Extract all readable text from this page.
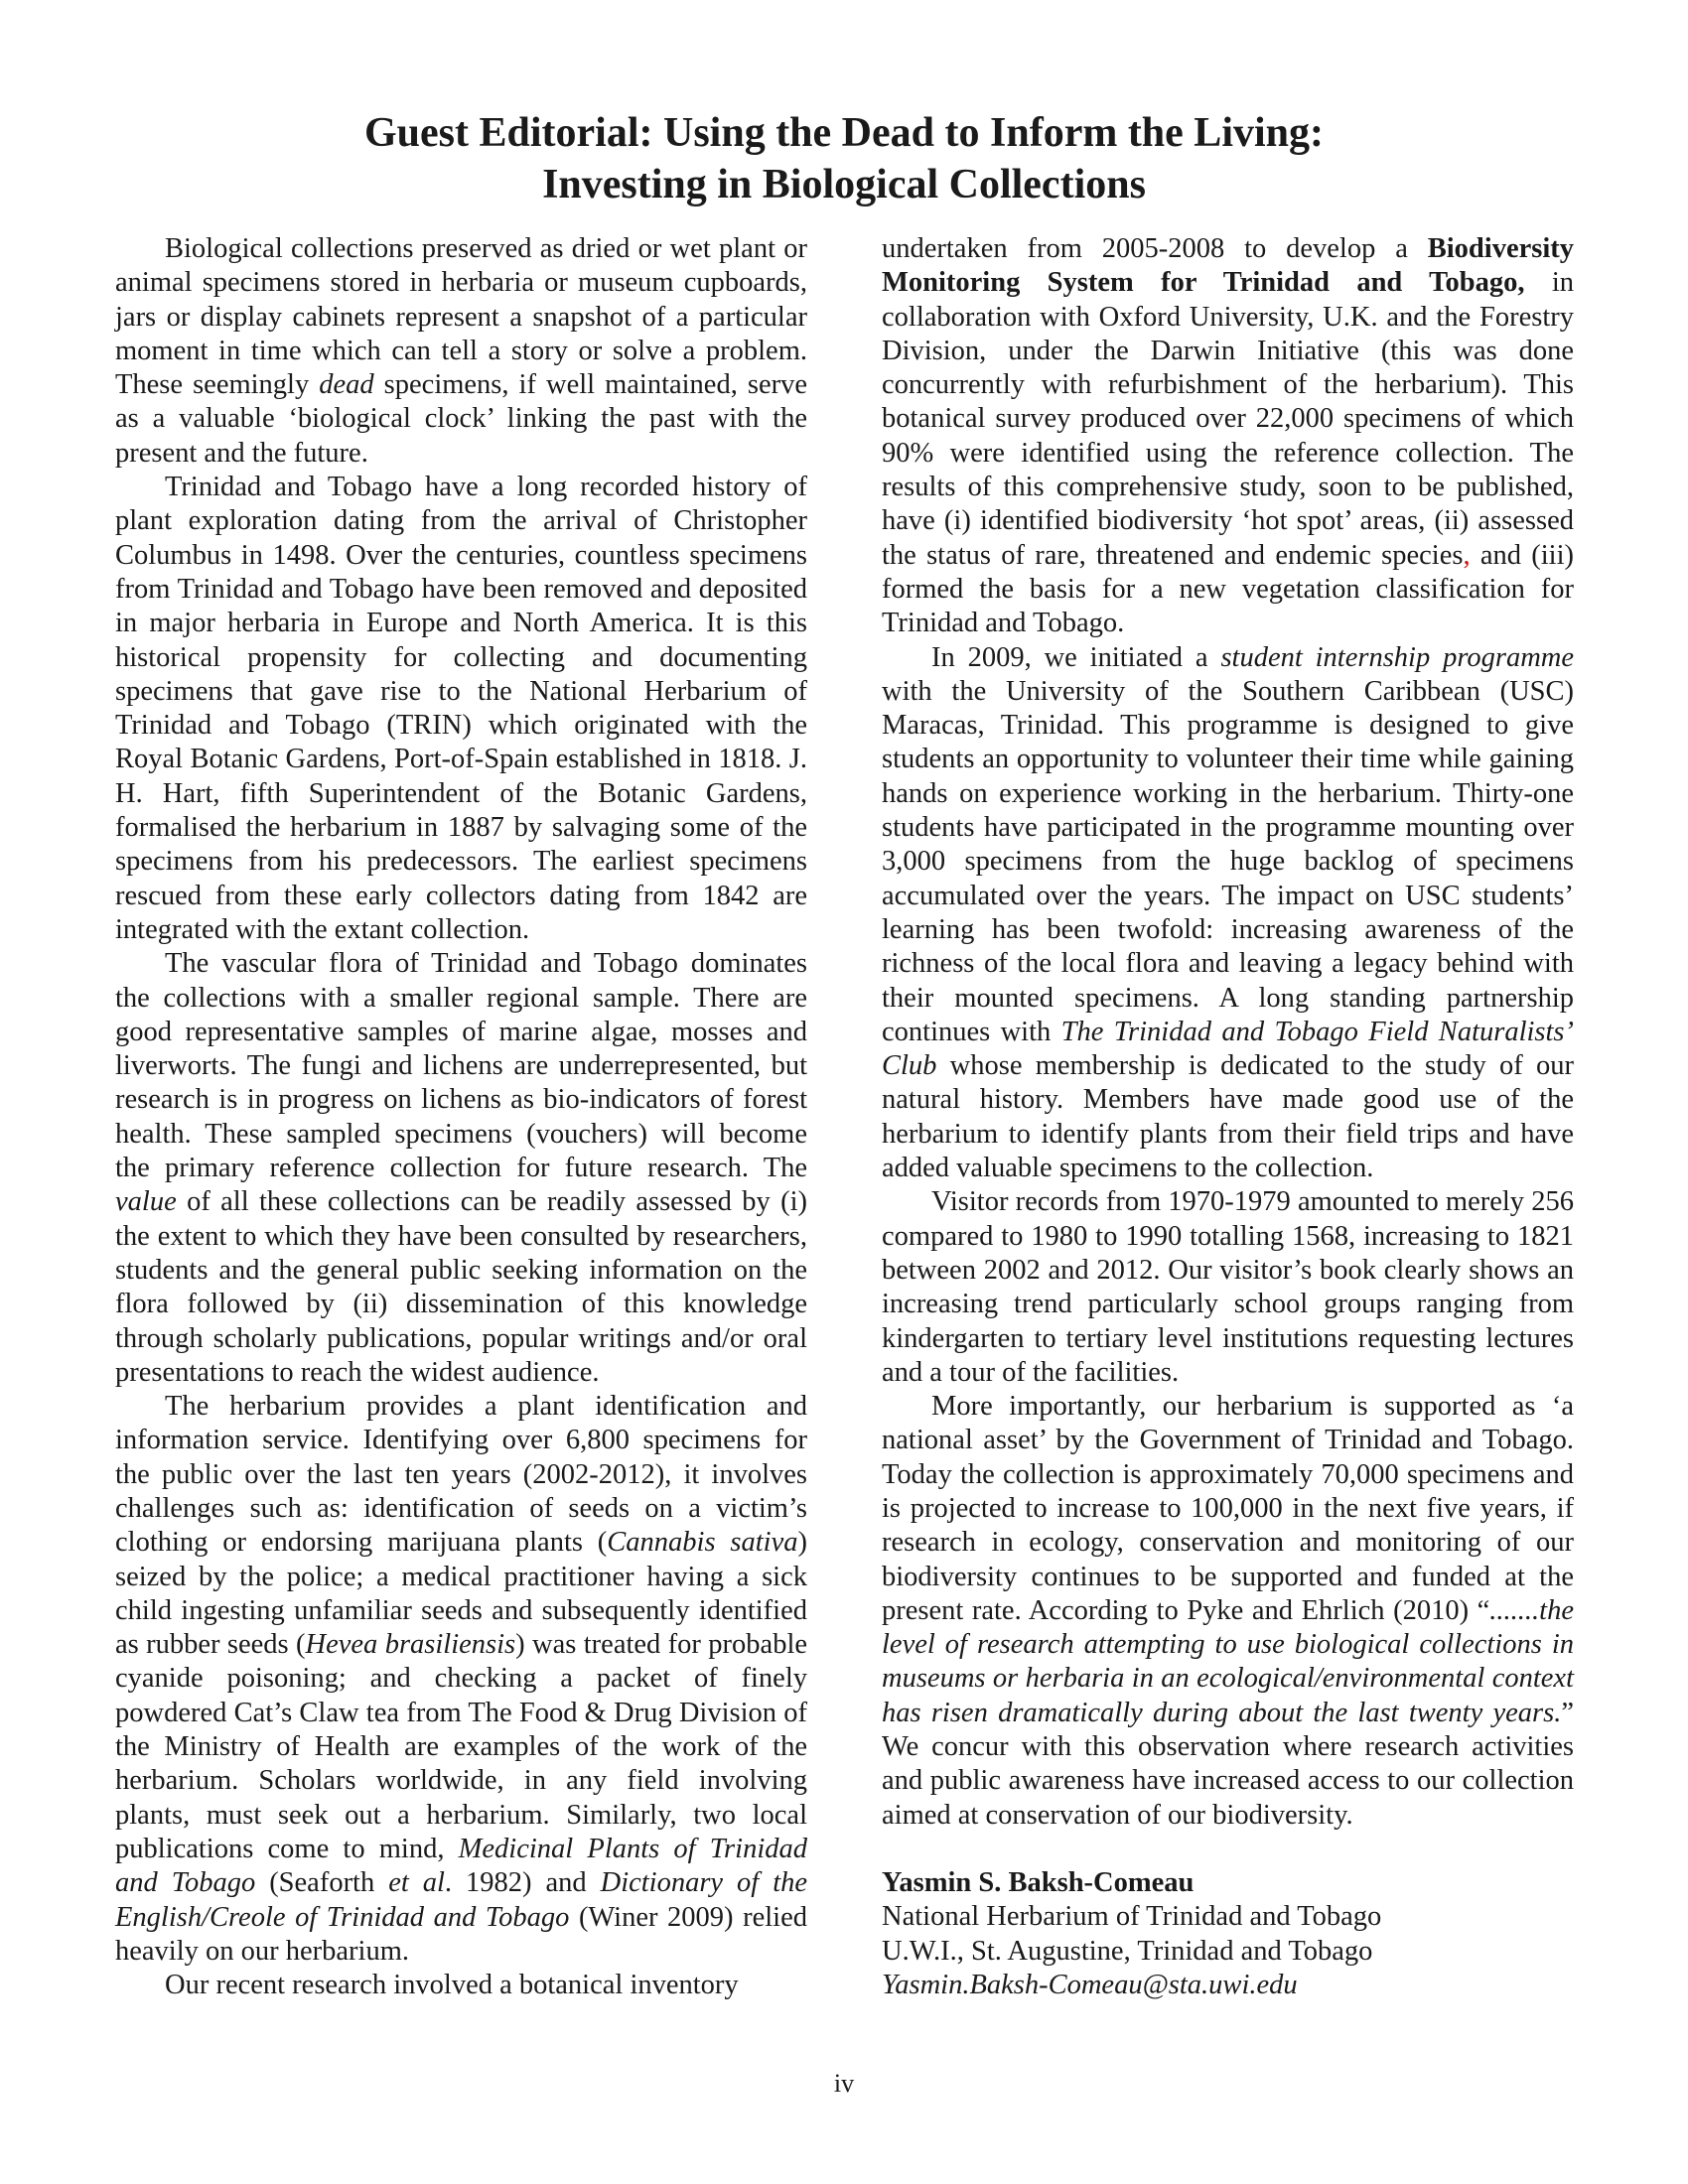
Guest Editorial: Using the Dead to Inform the Living:
Investing in Biological Collections

Biological collections preserved as dried or wet plant or animal specimens stored in herbaria or museum cupboards, jars or display cabinets represent a snapshot of a particular moment in time which can tell a story or solve a problem. These seemingly dead specimens, if well maintained, serve as a valuable ‘biological clock’ linking the past with the present and the future.

Trinidad and Tobago have a long recorded history of plant exploration dating from the arrival of Christopher Columbus in 1498. Over the centuries, countless specimens from Trinidad and Tobago have been removed and deposited in major herbaria in Europe and North America. It is this historical propensity for collecting and documenting specimens that gave rise to the National Herbarium of Trinidad and Tobago (TRIN) which originated with the Royal Botanic Gardens, Port-of-Spain established in 1818. J. H. Hart, fifth Superintendent of the Botanic Gardens, formalised the herbarium in 1887 by salvaging some of the specimens from his predecessors. The earliest specimens rescued from these early collectors dating from 1842 are integrated with the extant collection.

The vascular flora of Trinidad and Tobago dominates the collections with a smaller regional sample. There are good representative samples of marine algae, mosses and liverworts. The fungi and lichens are underrepresented, but research is in progress on lichens as bio-indicators of forest health. These sampled specimens (vouchers) will become the primary reference collection for future research. The value of all these collections can be readily assessed by (i) the extent to which they have been consulted by researchers, students and the general public seeking information on the flora followed by (ii) dissemination of this knowledge through scholarly publications, popular writings and/or oral presentations to reach the widest audience.

The herbarium provides a plant identification and information service. Identifying over 6,800 specimens for the public over the last ten years (2002-2012), it involves challenges such as: identification of seeds on a victim’s clothing or endorsing marijuana plants (Cannabis sativa) seized by the police; a medical practitioner having a sick child ingesting unfamiliar seeds and subsequently identified as rubber seeds (Hevea brasiliensis) was treated for probable cyanide poisoning; and checking a packet of finely powdered Cat’s Claw tea from The Food & Drug Division of the Ministry of Health are examples of the work of the herbarium. Scholars worldwide, in any field involving plants, must seek out a herbarium. Similarly, two local publications come to mind, Medicinal Plants of Trinidad and Tobago (Seaforth et al. 1982) and Dictionary of the English/Creole of Trinidad and Tobago (Winer 2009) relied heavily on our herbarium.

Our recent research involved a botanical inventory

undertaken from 2005-2008 to develop a Biodiversity Monitoring System for Trinidad and Tobago, in collaboration with Oxford University, U.K. and the Forestry Division, under the Darwin Initiative (this was done concurrently with refurbishment of the herbarium). This botanical survey produced over 22,000 specimens of which 90% were identified using the reference collection. The results of this comprehensive study, soon to be published, have (i) identified biodiversity ‘hot spot’ areas, (ii) assessed the status of rare, threatened and endemic species, and (iii) formed the basis for a new vegetation classification for Trinidad and Tobago.

In 2009, we initiated a student internship programme with the University of the Southern Caribbean (USC) Maracas, Trinidad. This programme is designed to give students an opportunity to volunteer their time while gaining hands on experience working in the herbarium. Thirty-one students have participated in the programme mounting over 3,000 specimens from the huge backlog of specimens accumulated over the years. The impact on USC students’ learning has been twofold: increasing awareness of the richness of the local flora and leaving a legacy behind with their mounted specimens. A long standing partnership continues with The Trinidad and Tobago Field Naturalists’ Club whose membership is dedicated to the study of our natural history. Members have made good use of the herbarium to identify plants from their field trips and have added valuable specimens to the collection.

Visitor records from 1970-1979 amounted to merely 256 compared to 1980 to 1990 totalling 1568, increasing to 1821 between 2002 and 2012. Our visitor’s book clearly shows an increasing trend particularly school groups ranging from kindergarten to tertiary level institutions requesting lectures and a tour of the facilities.

More importantly, our herbarium is supported as ‘a national asset’ by the Government of Trinidad and Tobago. Today the collection is approximately 70,000 specimens and is projected to increase to 100,000 in the next five years, if research in ecology, conservation and monitoring of our biodiversity continues to be supported and funded at the present rate. According to Pyke and Ehrlich (2010) “.......the level of research attempting to use biological collections in museums or herbaria in an ecological/environmental context has risen dramatically during about the last twenty years.” We concur with this observation where research activities and public awareness have increased access to our collection aimed at conservation of our biodiversity.

Yasmin S. Baksh-Comeau
National Herbarium of Trinidad and Tobago
U.W.I., St. Augustine, Trinidad and Tobago
Yasmin.Baksh-Comeau@sta.uwi.edu

iv
